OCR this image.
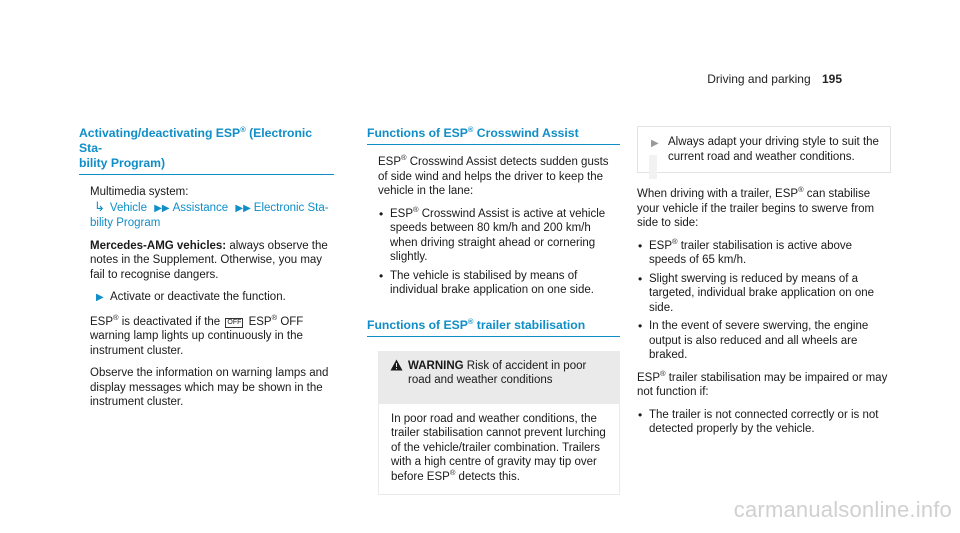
Driving and parking 195
Activating/deactivating ESP® (Electronic Sta-
bility Program)

Multimedia system:
↳ Vehicle ▶▶ Assistance ▶▶ Electronic Sta-
bility Program

Mercedes-AMG vehicles: always observe the notes in the Supplement. Otherwise, you may fail to recognise dangers.

▶ Activate or deactivate the function.

ESP® is deactivated if the OFF ESP® OFF warning lamp lights up continuously in the instrument cluster.

Observe the information on warning lamps and display messages which may be shown in the instrument cluster.

Functions of ESP® Crosswind Assist

ESP® Crosswind Assist detects sudden gusts of side wind and helps the driver to keep the vehicle in the lane:

• ESP® Crosswind Assist is active at vehicle speeds between 80 km/h and 200 km/h when driving straight ahead or cornering slightly.
• The vehicle is stabilised by means of individual brake application on one side.
Functions of ESP® trailer stabilisation
WARNING Risk of accident in poor road and weather conditions
In poor road and weather conditions, the trailer stabilisation cannot prevent lurching of the vehicle/trailer combination. Trailers with a high centre of gravity may tip over before ESP® detects this.
▶ Always adapt your driving style to suit the current road and weather conditions.

When driving with a trailer, ESP® can stabilise your vehicle if the trailer begins to swerve from side to side:

• ESP® trailer stabilisation is active above speeds of 65 km/h.
• Slight swerving is reduced by means of a targeted, individual brake application on one side.
• In the event of severe swerving, the engine output is also reduced and all wheels are braked.

ESP® trailer stabilisation may be impaired or may not function if:

• The trailer is not connected correctly or is not detected properly by the vehicle.
carmanualsonline.info
